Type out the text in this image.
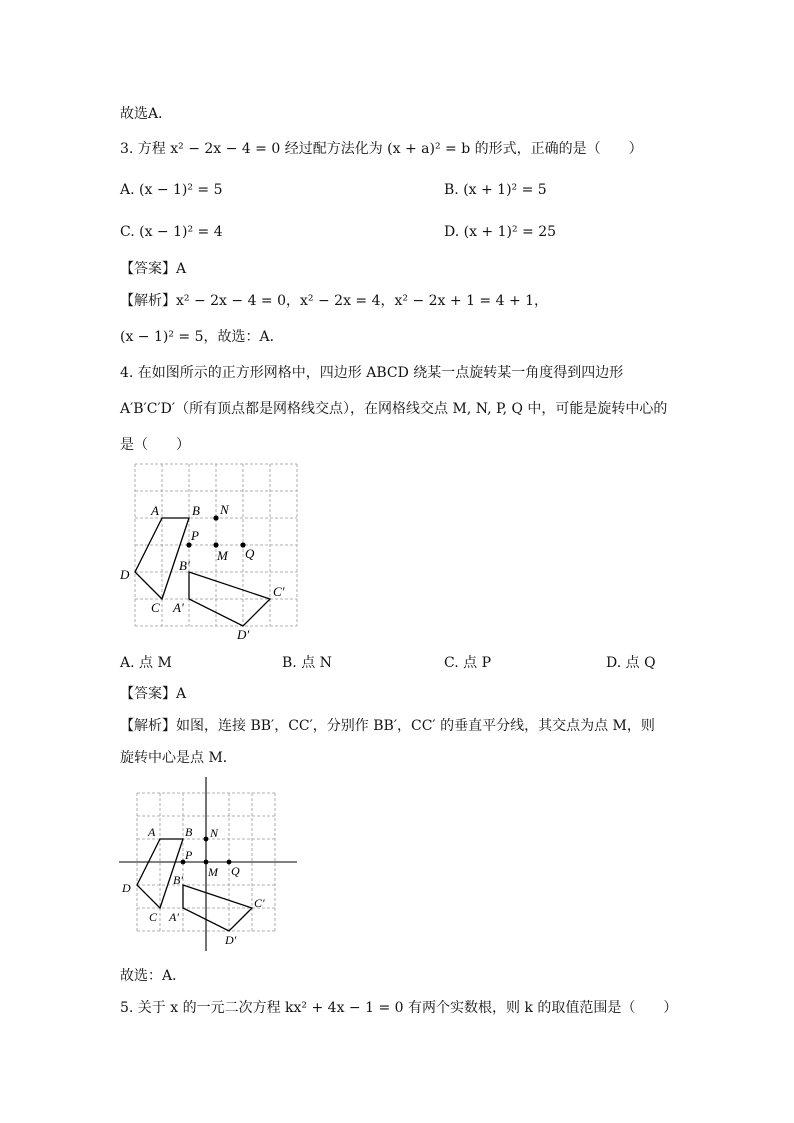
故选A．
3. 方程 x² − 2x − 4 = 0 经过配方法化为 (x + a)² = b 的形式，正确的是（　　）
A. (x − 1)² = 5	B. (x + 1)² = 5
C. (x − 1)² = 4	D. (x + 1)² = 25
【答案】A
【解析】x² − 2x − 4 = 0，x² − 2x = 4，x² − 2x + 1 = 4 + 1，
(x − 1)² = 5，故选：A．
4. 在如图所示的正方形网格中，四边形 ABCD 绕某一点旋转某一角度得到四边形
A′B′C′D′（所有顶点都是网格线交点），在网格线交点 M, N, P, Q 中，可能是旋转中心的
是（　　）
A	B N
P
M Q
D
B′
C A′
C′
D′
A. 点 M	B. 点 N	C. 点 P	D. 点 Q
【答案】A
【解析】如图，连接 BB′，CC′，分别作 BB′，CC′ 的垂直平分线，其交点为点 M，则
旋转中心是点 M．
A B N
P
M Q
D
B′
C A′
C′
D′
故选：A．
5. 关于 x 的一元二次方程 kx² + 4x − 1 = 0 有两个实数根，则 k 的取值范围是（　　）
